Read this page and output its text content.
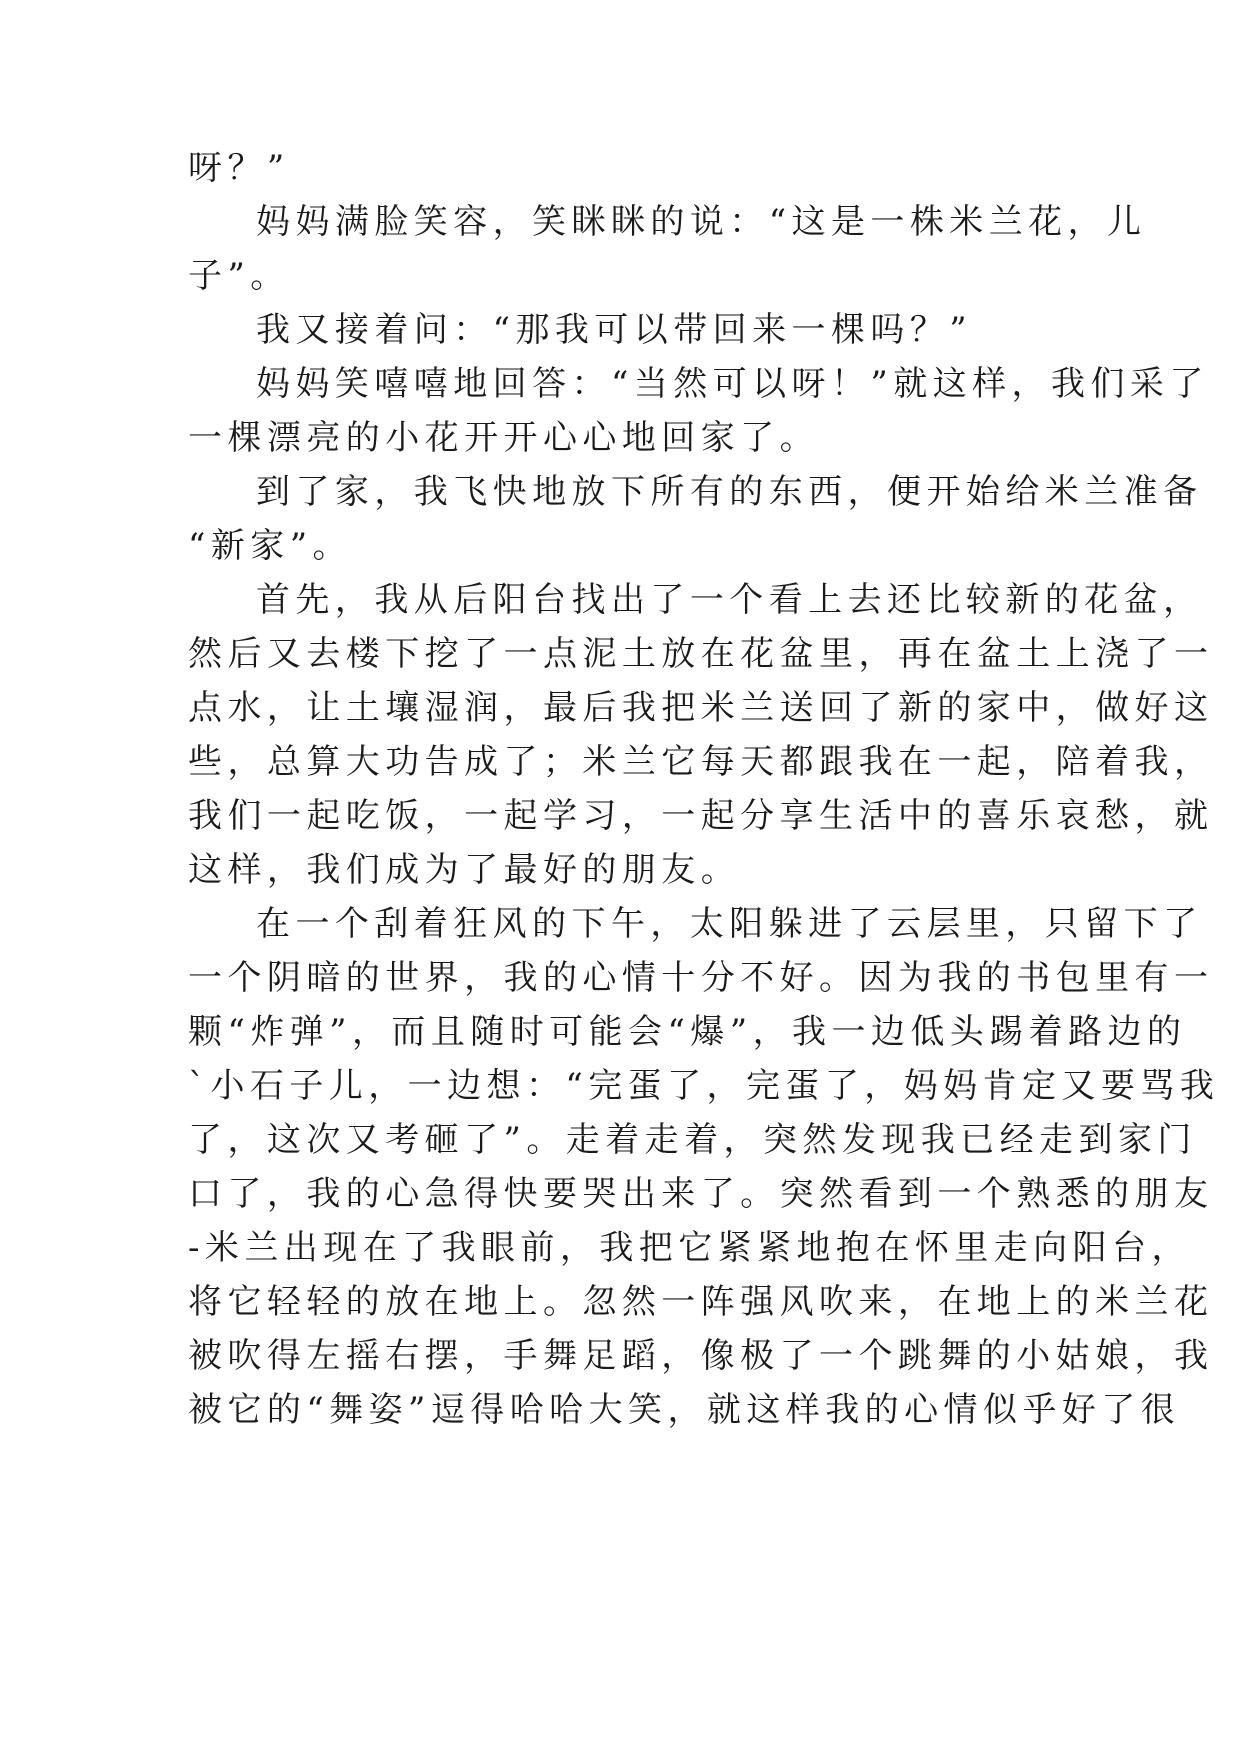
呀？”
妈妈满脸笑容，笑眯眯的说：“这是一株米兰花，儿
子”。
我又接着问：“那我可以带回来一棵吗？”
妈妈笑嘻嘻地回答：“当然可以呀！”就这样，我们采了
一棵漂亮的小花开开心心地回家了。
到了家，我飞快地放下所有的东西，便开始给米兰准备
“新家”。
首先，我从后阳台找出了一个看上去还比较新的花盆，
然后又去楼下挖了一点泥土放在花盆里，再在盆土上浇了一
点水，让土壤湿润，最后我把米兰送回了新的家中，做好这
些，总算大功告成了；米兰它每天都跟我在一起，陪着我，
我们一起吃饭，一起学习，一起分享生活中的喜乐哀愁，就
这样，我们成为了最好的朋友。
在一个刮着狂风的下午，太阳躲进了云层里，只留下了
一个阴暗的世界，我的心情十分不好。因为我的书包里有一
颗“炸弹”，而且随时可能会“爆”，我一边低头踢着路边的
`小石子儿，一边想：“完蛋了，完蛋了，妈妈肯定又要骂我
了，这次又考砸了”。走着走着，突然发现我已经走到家门
口了，我的心急得快要哭出来了。突然看到一个熟悉的朋友
-米兰出现在了我眼前，我把它紧紧地抱在怀里走向阳台，
将它轻轻的放在地上。忽然一阵强风吹来，在地上的米兰花
被吹得左摇右摆，手舞足蹈，像极了一个跳舞的小姑娘，我
被它的“舞姿”逗得哈哈大笑，就这样我的心情似乎好了很
